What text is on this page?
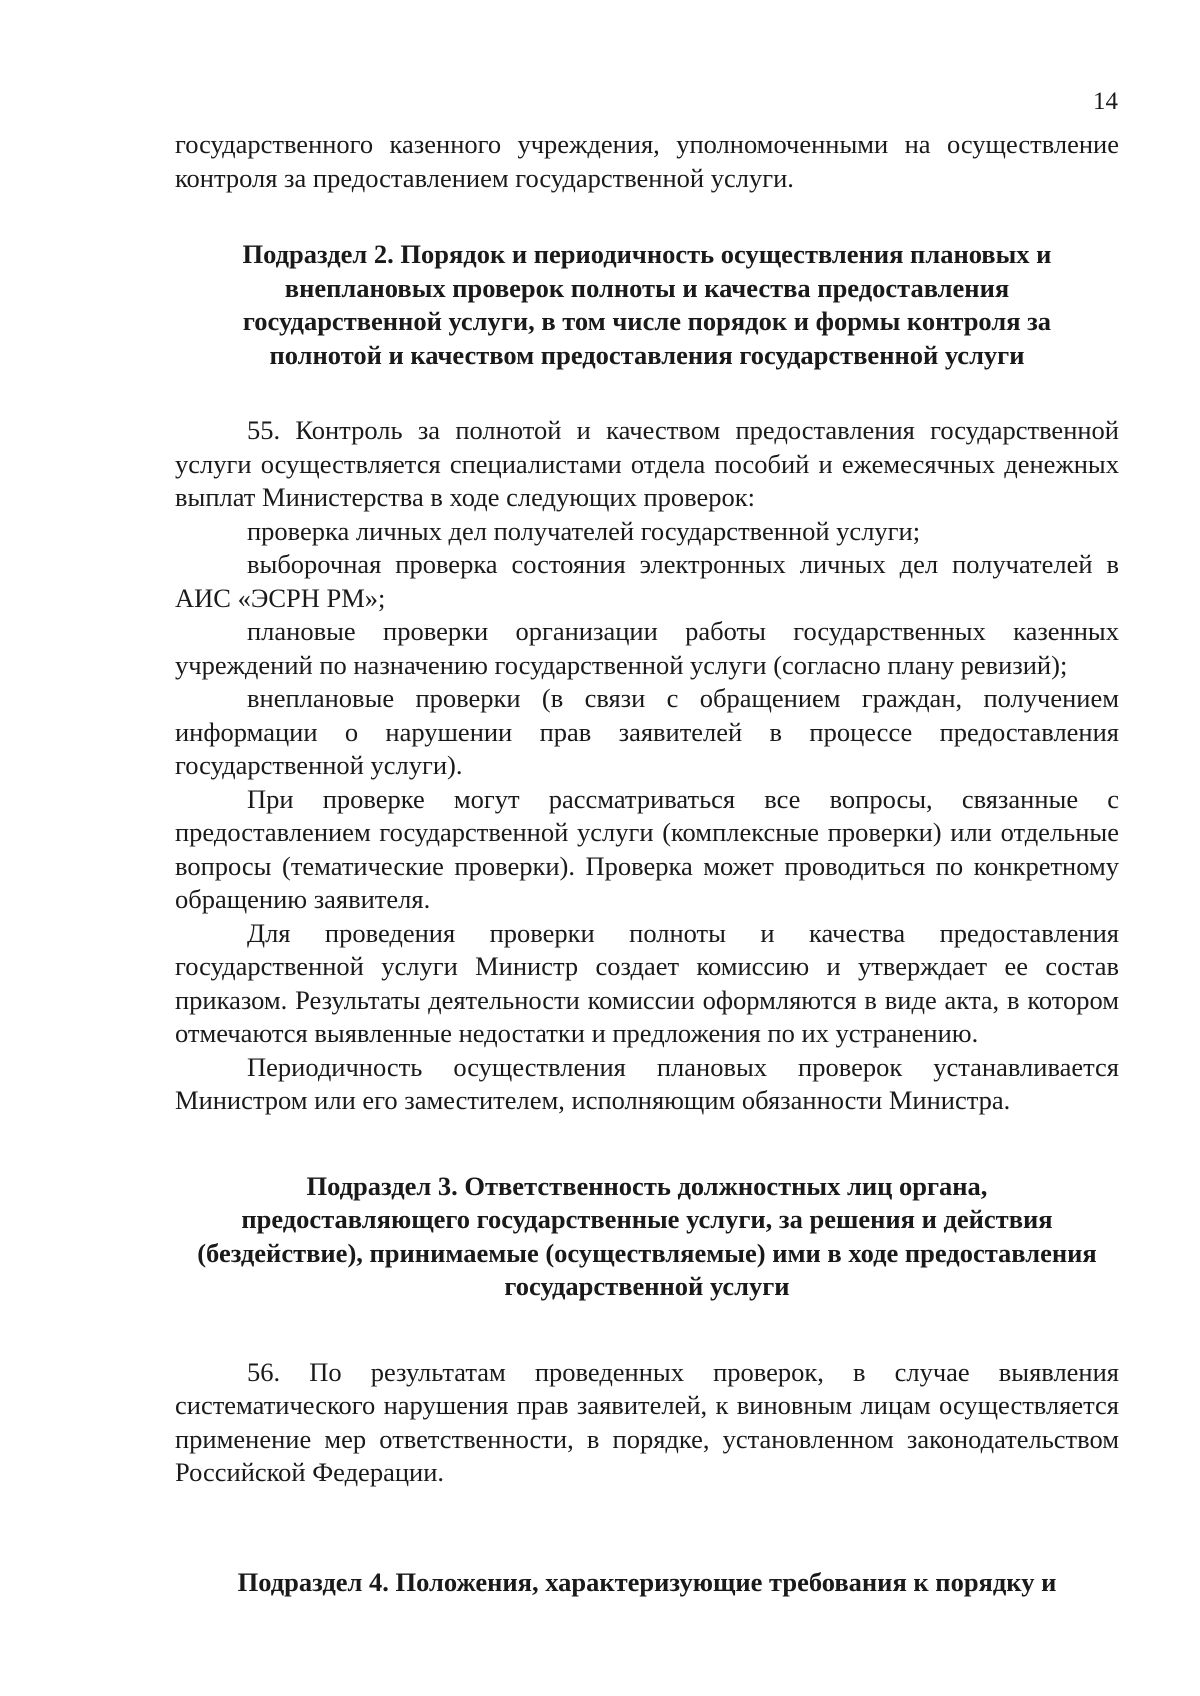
14

государственного казенного учреждения, уполномоченными на осуществление контроля за предоставлением государственной услуги.

Подраздел 2. Порядок и периодичность осуществления плановых и внеплановых проверок полноты и качества предоставления государственной услуги, в том числе порядок и формы контроля за полнотой и качеством предоставления государственной услуги

55. Контроль за полнотой и качеством предоставления государственной услуги осуществляется специалистами отдела пособий и ежемесячных денежных выплат Министерства в ходе следующих проверок:

проверка личных дел получателей государственной услуги;

выборочная проверка состояния электронных личных дел получателей в АИС «ЭСРН РМ»;

плановые проверки организации работы государственных казенных учреждений по назначению государственной услуги (согласно плану ревизий);

внеплановые проверки (в связи с обращением граждан, получением информации о нарушении прав заявителей в процессе предоставления государственной услуги).

При проверке могут рассматриваться все вопросы, связанные с предоставлением государственной услуги (комплексные проверки) или отдельные вопросы (тематические проверки). Проверка может проводиться по конкретному обращению заявителя.

Для проведения проверки полноты и качества предоставления государственной услуги Министр создает комиссию и утверждает ее состав приказом. Результаты деятельности комиссии оформляются в виде акта, в котором отмечаются выявленные недостатки и предложения по их устранению.

Периодичность осуществления плановых проверок устанавливается Министром или его заместителем, исполняющим обязанности Министра.

Подраздел 3. Ответственность должностных лиц органа, предоставляющего государственные услуги, за решения и действия (бездействие), принимаемые (осуществляемые) ими в ходе предоставления государственной услуги

56. По результатам проведенных проверок, в случае выявления систематического нарушения прав заявителей, к виновным лицам осуществляется применение мер ответственности, в порядке, установленном законодательством Российской Федерации.

Подраздел 4. Положения, характеризующие требования к порядку и
